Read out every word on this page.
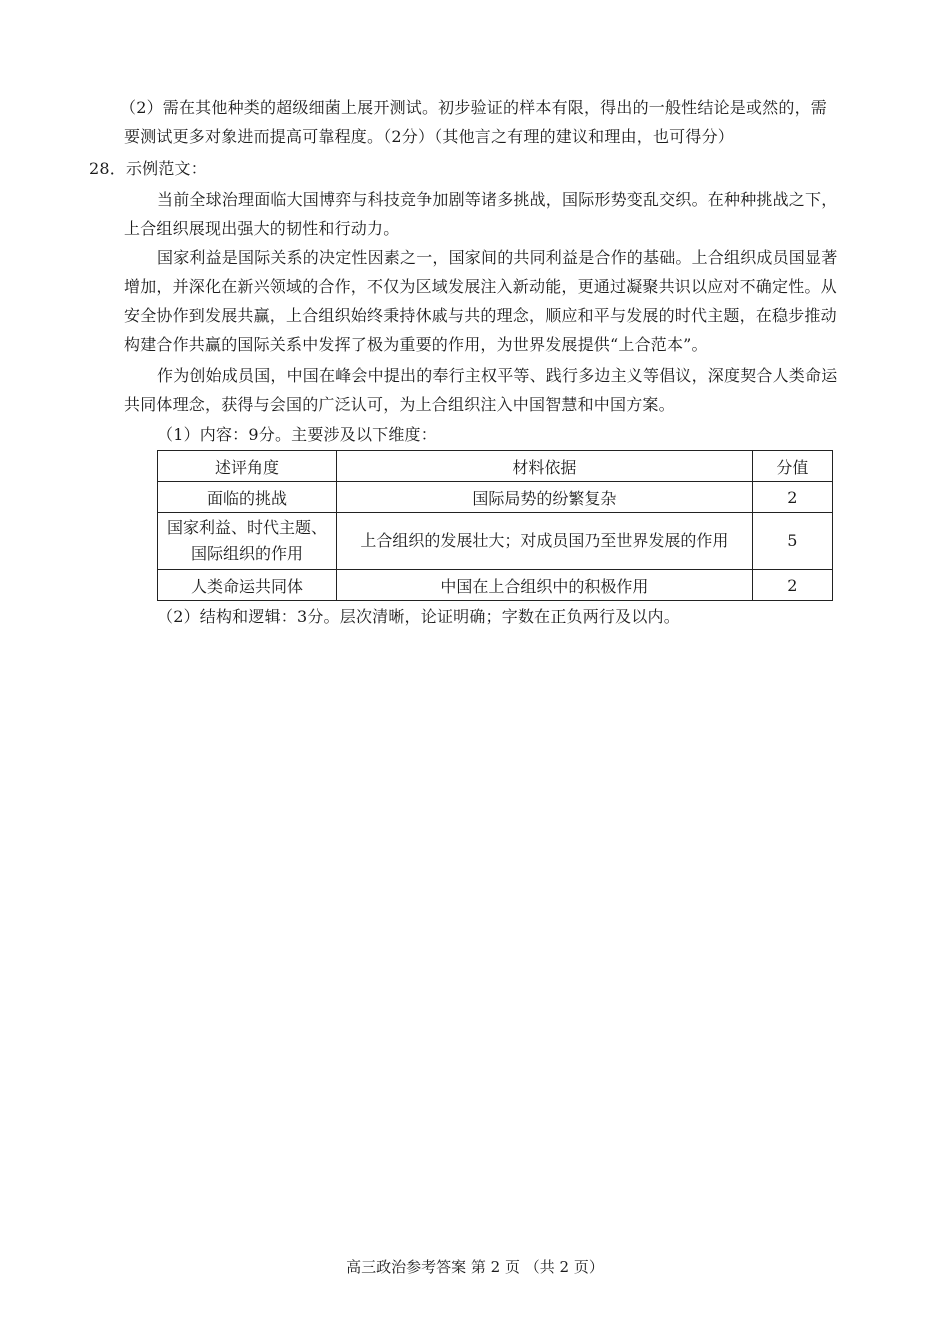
（2）需在其他种类的超级细菌上展开测试。初步验证的样本有限，得出的一般性结论是或然的，需
要测试更多对象进而提高可靠程度。（2分）（其他言之有理的建议和理由，也可得分）
28．示例范文：
当前全球治理面临大国博弈与科技竞争加剧等诸多挑战，国际形势变乱交织。在种种挑战之下，
上合组织展现出强大的韧性和行动力。
国家利益是国际关系的决定性因素之一，国家间的共同利益是合作的基础。上合组织成员国显著
增加，并深化在新兴领域的合作，不仅为区域发展注入新动能，更通过凝聚共识以应对不确定性。从
安全协作到发展共赢，上合组织始终秉持休戚与共的理念，顺应和平与发展的时代主题，在稳步推动
构建合作共赢的国际关系中发挥了极为重要的作用，为世界发展提供“上合范本”。
作为创始成员国，中国在峰会中提出的奉行主权平等、践行多边主义等倡议，深度契合人类命运
共同体理念，获得与会国的广泛认可，为上合组织注入中国智慧和中国方案。
（1）内容：9分。主要涉及以下维度：
述评角度	材料依据	分值
面临的挑战	国际局势的纷繁复杂	2

国家利益、时代主题、
国际组织的作用	上合组织的发展壮大；对成员国乃至世界发展的作用	5
人类命运共同体	中国在上合组织中的积极作用	2
（2）结构和逻辑：3分。层次清晰，论证明确；字数在正负两行及以内。
高三政治参考答案 第 2 页 （共 2 页）
